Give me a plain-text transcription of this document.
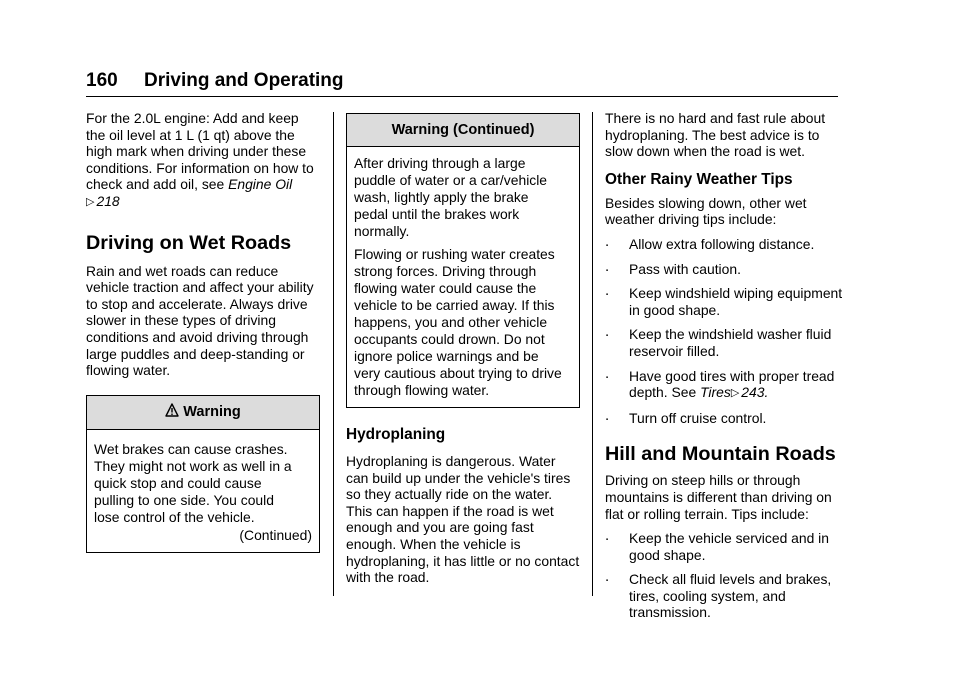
160 Driving and Operating

For the 2.0L engine: Add and keep the oil level at 1 L (1 qt) above the high mark when driving under these conditions. For information on how to check and add oil, see Engine Oil
▷ 218

Driving on Wet Roads

Rain and wet roads can reduce vehicle traction and affect your ability to stop and accelerate. Always drive slower in these types of driving conditions and avoid driving through large puddles and deep-standing or flowing water.

Warning

Wet brakes can cause crashes.
They might not work as well in a
quick stop and could cause
pulling to one side. You could
lose control of the vehicle.

(Continued)

Warning (Continued)

After driving through a large
puddle of water or a car/vehicle
wash, lightly apply the brake
pedal until the brakes work
normally.

Flowing or rushing water creates
strong forces. Driving through
flowing water could cause the
vehicle to be carried away. If this
happens, you and other vehicle
occupants could drown. Do not
ignore police warnings and be
very cautious about trying to drive
through flowing water.

Hydroplaning

Hydroplaning is dangerous. Water can build up under the vehicle's tires so they actually ride on the water. This can happen if the road is wet enough and you are going fast enough. When the vehicle is hydroplaning, it has little or no contact with the road.

There is no hard and fast rule about hydroplaning. The best advice is to slow down when the road is wet.

Other Rainy Weather Tips

Besides slowing down, other wet weather driving tips include:

. Allow extra following distance.

. Pass with caution.

. Keep windshield wiping equipment in good shape.

. Keep the windshield washer fluid reservoir filled.

. Have good tires with proper tread depth. See Tires▷ 243.

. Turn off cruise control.

Hill and Mountain Roads

Driving on steep hills or through mountains is different than driving on flat or rolling terrain. Tips include:

. Keep the vehicle serviced and in good shape.

. Check all fluid levels and brakes, tires, cooling system, and transmission.
